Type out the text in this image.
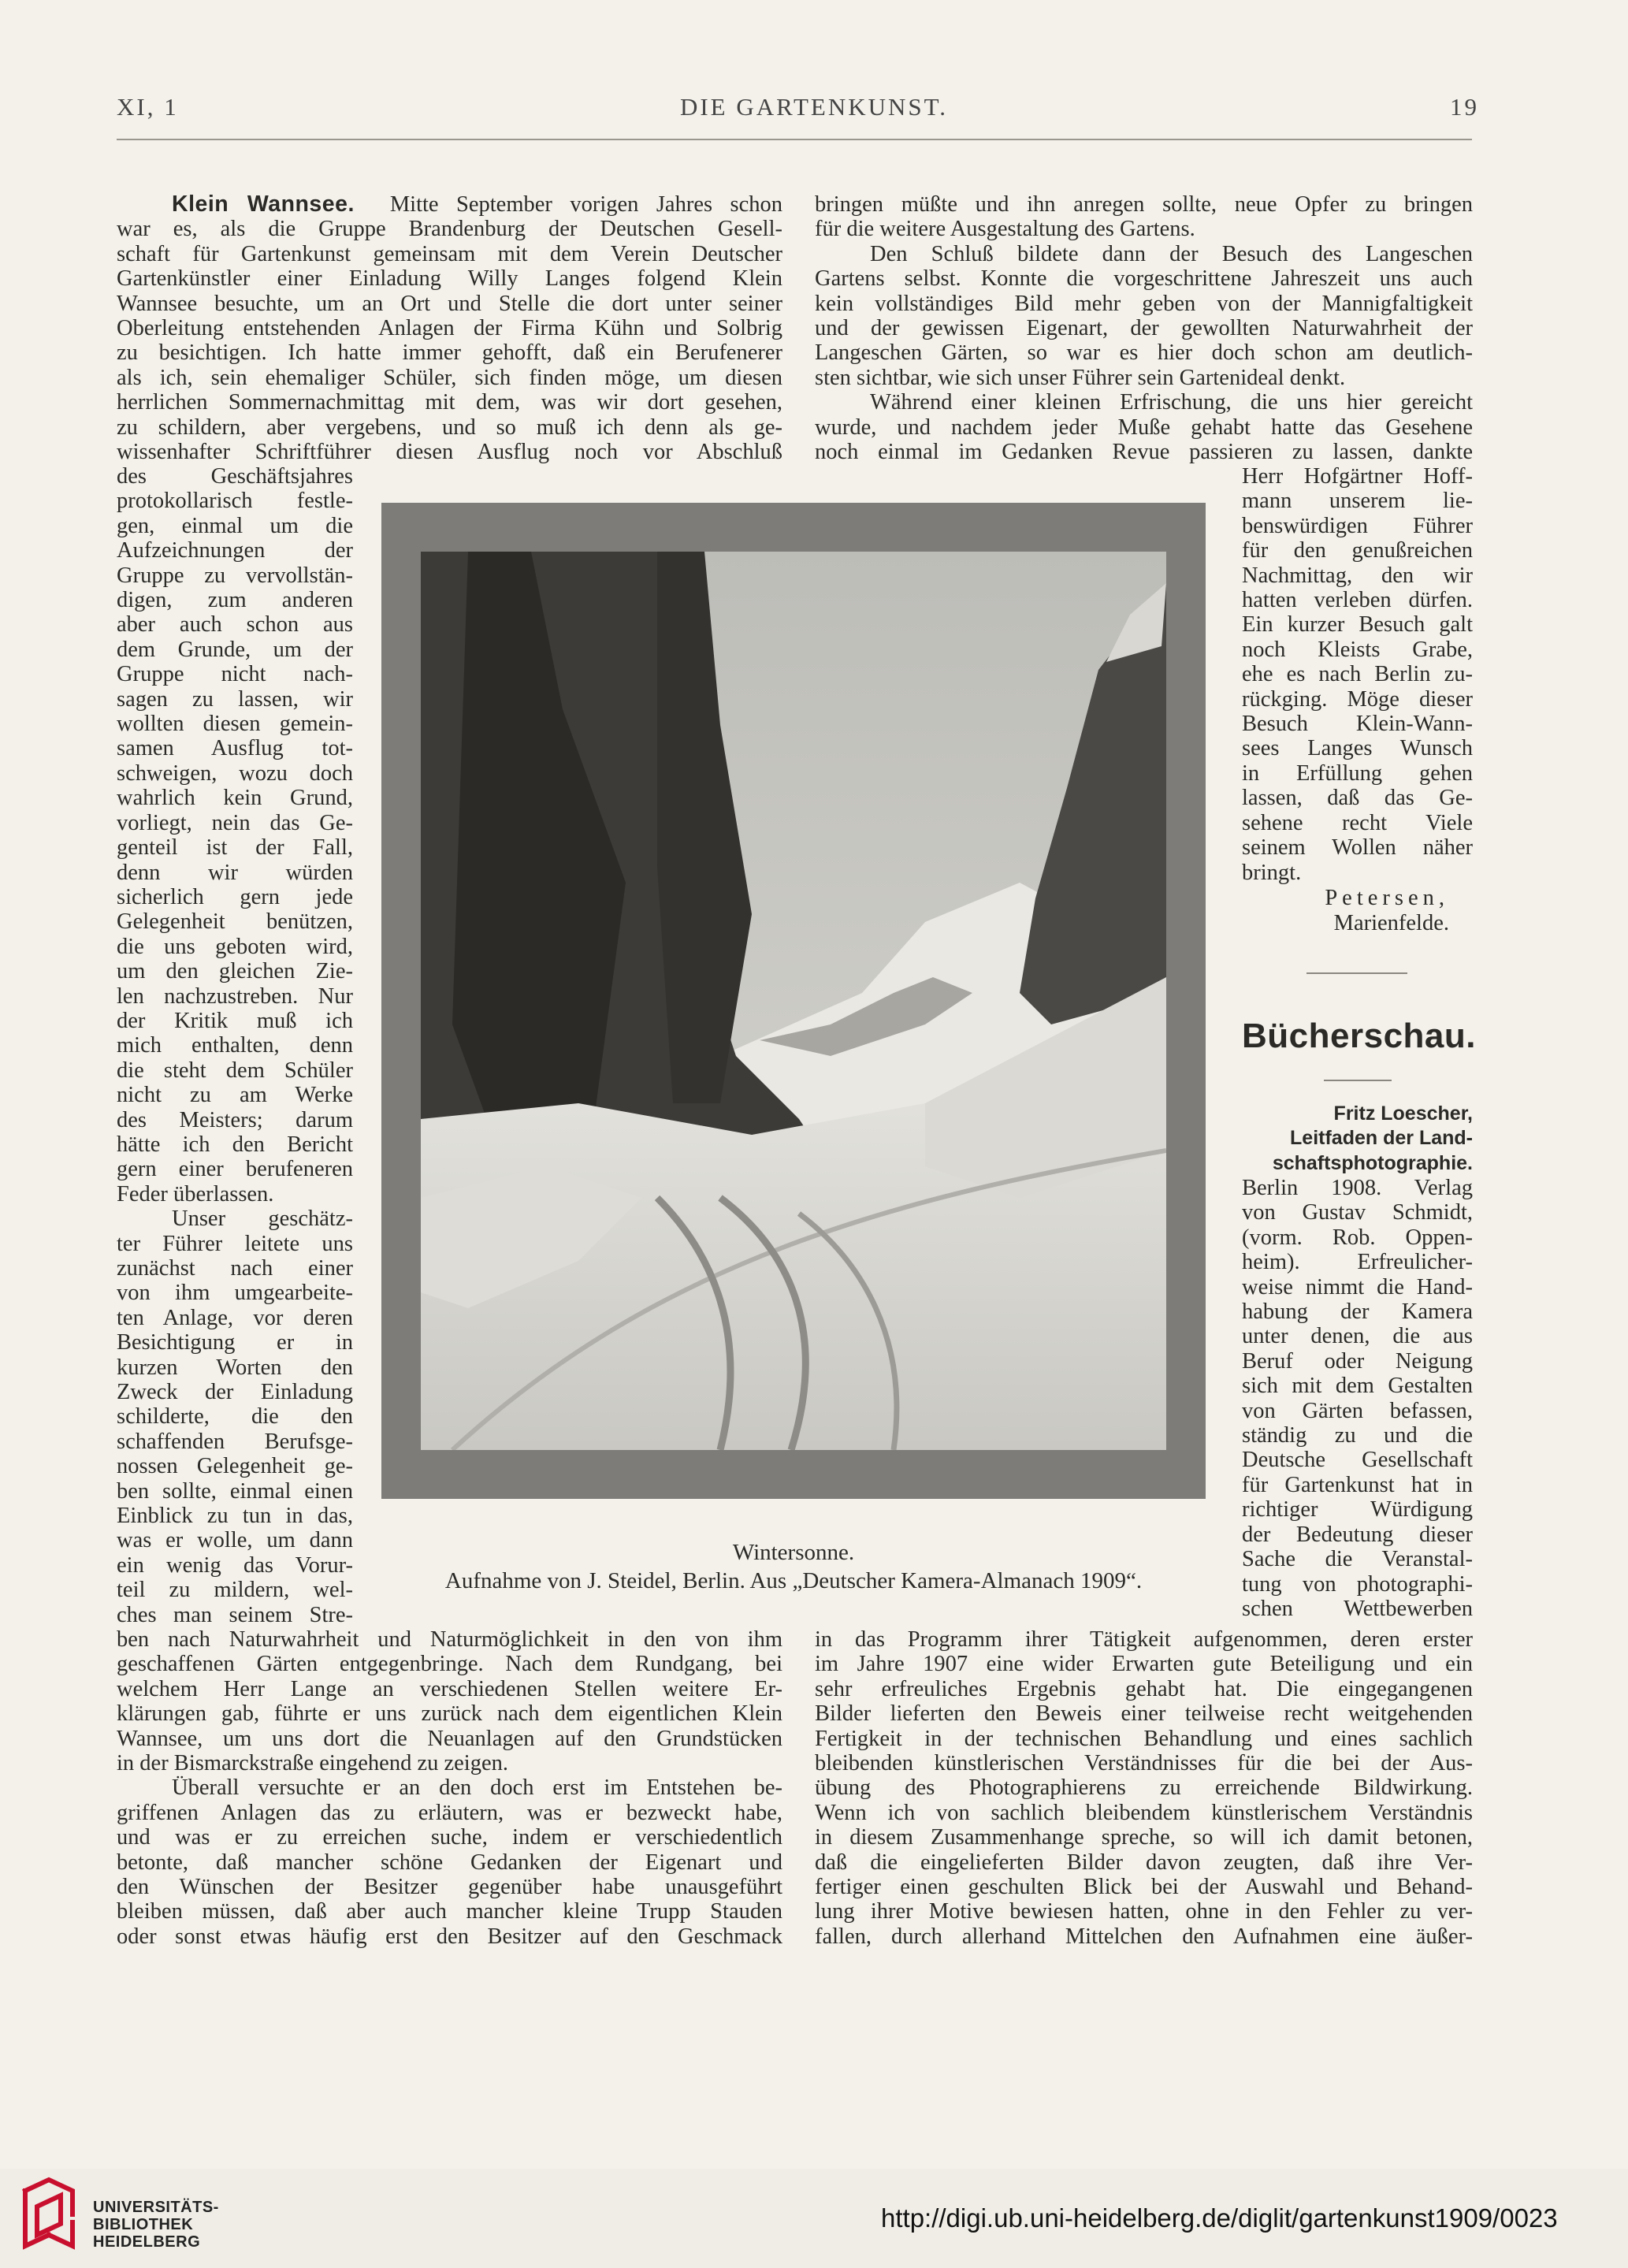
XI, 1	DIE GARTENKUNST.	19
Klein Wannsee. Mitte September vorigen Jahres schon
war es, als die Gruppe Brandenburg der Deutschen Gesell-
schaft für Gartenkunst gemeinsam mit dem Verein Deutscher
Gartenkünstler einer Einladung Willy Langes folgend Klein
Wannsee besuchte, um an Ort und Stelle die dort unter seiner
Oberleitung entstehenden Anlagen der Firma Kühn und Solbrig
zu besichtigen. Ich hatte immer gehofft, daß ein Berufenerer
als ich, sein ehemaliger Schüler, sich finden möge, um diesen
herrlichen Sommernachmittag mit dem, was wir dort gesehen,
zu schildern, aber vergebens, und so muß ich denn als ge-
wissenhafter Schriftführer diesen Ausflug noch vor Abschluß
des Geschäftsjahres
protokollarisch festle-
gen, einmal um die
Aufzeichnungen der
Gruppe zu vervollstän-
digen, zum anderen
aber auch schon aus
dem Grunde, um der
Gruppe nicht nach-
sagen zu lassen, wir
wollten diesen gemein-
samen Ausflug tot-
schweigen, wozu doch
wahrlich kein Grund,
vorliegt, nein das Ge-
genteil ist der Fall,
denn wir würden
sicherlich gern jede
Gelegenheit benützen,
die uns geboten wird,
um den gleichen Zie-
len nachzustreben. Nur
der Kritik muß ich
mich enthalten, denn
die steht dem Schüler
nicht zu am Werke
des Meisters; darum
hätte ich den Bericht
gern einer berufeneren
Feder überlassen.
Unser geschätz-
ter Führer leitete uns
zunächst nach einer
von ihm umgearbeite-
ten Anlage, vor deren
Besichtigung er in
kurzen Worten den
Zweck der Einladung
schilderte, die den
schaffenden Berufsge-
nossen Gelegenheit ge-
ben sollte, einmal einen
Einblick zu tun in das,
was er wolle, um dann
ein wenig das Vorur-
teil zu mildern, wel-
ches man seinem Stre-
ben nach Naturwahrheit und Naturmöglichkeit in den von ihm
geschaffenen Gärten entgegenbringe. Nach dem Rundgang, bei
welchem Herr Lange an verschiedenen Stellen weitere Er-
klärungen gab, führte er uns zurück nach dem eigentlichen Klein
Wannsee, um uns dort die Neuanlagen auf den Grundstücken
in der Bismarckstraße eingehend zu zeigen.
Überall versuchte er an den doch erst im Entstehen be-
griffenen Anlagen das zu erläutern, was er bezweckt habe,
und was er zu erreichen suche, indem er verschiedentlich
betonte, daß mancher schöne Gedanken der Eigenart und
den Wünschen der Besitzer gegenüber habe unausgeführt
bleiben müssen, daß aber auch mancher kleine Trupp Stauden
oder sonst etwas häufig erst den Besitzer auf den Geschmack
bringen müßte und ihn anregen sollte, neue Opfer zu bringen
für die weitere Ausgestaltung des Gartens.
Den Schluß bildete dann der Besuch des Langeschen
Gartens selbst. Konnte die vorgeschrittene Jahreszeit uns auch
kein vollständiges Bild mehr geben von der Mannigfaltigkeit
und der gewissen Eigenart, der gewollten Naturwahrheit der
Langeschen Gärten, so war es hier doch schon am deutlich-
sten sichtbar, wie sich unser Führer sein Gartenideal denkt.
Während einer kleinen Erfrischung, die uns hier gereicht
wurde, und nachdem jeder Muße gehabt hatte das Gesehene
noch einmal im Gedanken Revue passieren zu lassen, dankte
Herr Hofgärtner Hoff-
mann unserem lie-
benswürdigen Führer
für den genußreichen
Nachmittag, den wir
hatten verleben dürfen.
Ein kurzer Besuch galt
noch Kleists Grabe,
ehe es nach Berlin zu-
rückging. Möge dieser
Besuch Klein-Wann-
sees Langes Wunsch
in Erfüllung gehen
lassen, daß das Ge-
sehene recht Viele
seinem Wollen näher
bringt.
Petersen,
Marienfelde.
Bücherschau.
Fritz Loescher,
Leitfaden der Land-
schaftsphotographie.
Berlin 1908. Verlag
von Gustav Schmidt,
(vorm. Rob. Oppen-
heim). Erfreulicher-
weise nimmt die Hand-
habung der Kamera
unter denen, die aus
Beruf oder Neigung
sich mit dem Gestalten
von Gärten befassen,
ständig zu und die
Deutsche Gesellschaft
für Gartenkunst hat in
richtiger Würdigung
der Bedeutung dieser
Sache die Veranstal-
tung von photographi-
schen Wettbewerben
in das Programm ihrer Tätigkeit aufgenommen, deren erster
im Jahre 1907 eine wider Erwarten gute Beteiligung und ein
sehr erfreuliches Ergebnis gehabt hat. Die eingegangenen
Bilder lieferten den Beweis einer teilweise recht weitgehenden
Fertigkeit in der technischen Behandlung und eines sachlich
bleibenden künstlerischen Verständnisses für die bei der Aus-
übung des Photographierens zu erreichende Bildwirkung.
Wenn ich von sachlich bleibendem künstlerischem Verständnis
in diesem Zusammenhange spreche, so will ich damit betonen,
daß die eingelieferten Bilder davon zeugten, daß ihre Ver-
fertiger einen geschulten Blick bei der Auswahl und Behand-
lung ihrer Motive bewiesen hatten, ohne in den Fehler zu ver-
fallen, durch allerhand Mittelchen den Aufnahmen eine äußer-
Wintersonne.
Aufnahme von J. Steidel, Berlin. Aus „Deutscher Kamera-Almanach 1909“.
UNIVERSITÄTS-
BIBLIOTHEK
HEIDELBERG
http://digi.ub.uni-heidelberg.de/diglit/gartenkunst1909/0023
